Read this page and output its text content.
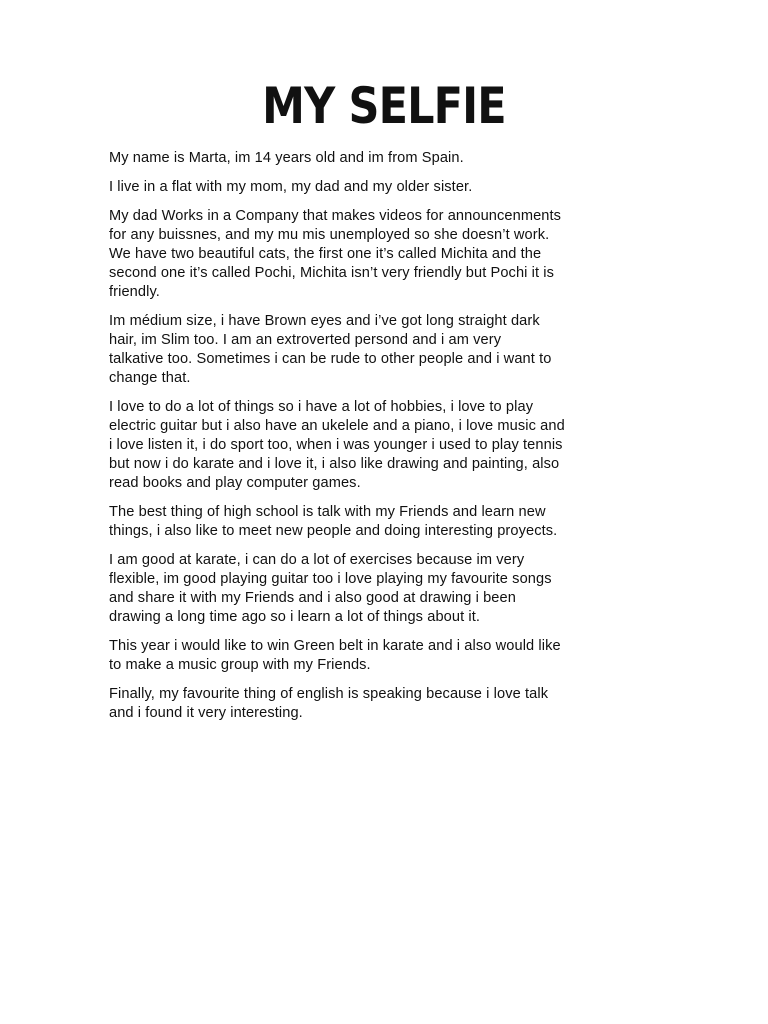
MY SELFIE

My name is Marta, im 14 years old and im from Spain.

I live in a flat with my mom, my dad and my older sister.

My dad Works in a Company that makes videos for announcenments
for any buissnes, and my mu mis unemployed so she doesn’t work.
We have two beautiful cats, the first one it’s called Michita and the
second one it’s called Pochi, Michita isn’t very friendly but Pochi it is
friendly.

Im médium size, i have Brown eyes and i’ve got long straight dark
hair, im Slim too. I am an extroverted persond and i am very
talkative too. Sometimes i can be rude to other people and i want to
change that.

I love to do a lot of things so i have a lot of hobbies, i love to play
electric guitar but i also have an ukelele and a piano, i love music and
i love listen it, i do sport too, when i was younger i used to play tennis
but now i do karate and i love it, i also like drawing and painting, also
read books and play computer games.

The best thing of high school is talk with my Friends and learn new
things, i also like to meet new people and doing interesting proyects.

I am good at karate, i can do a lot of exercises because im very
flexible, im good playing guitar too i love playing my favourite songs
and share it with my Friends and i also good at drawing i been
drawing a long time ago so i learn a lot of things about it.

This year i would like to win Green belt in karate and i also would like
to make a music group with my Friends.

Finally, my favourite thing of english is speaking because i love talk
and i found it very interesting.
